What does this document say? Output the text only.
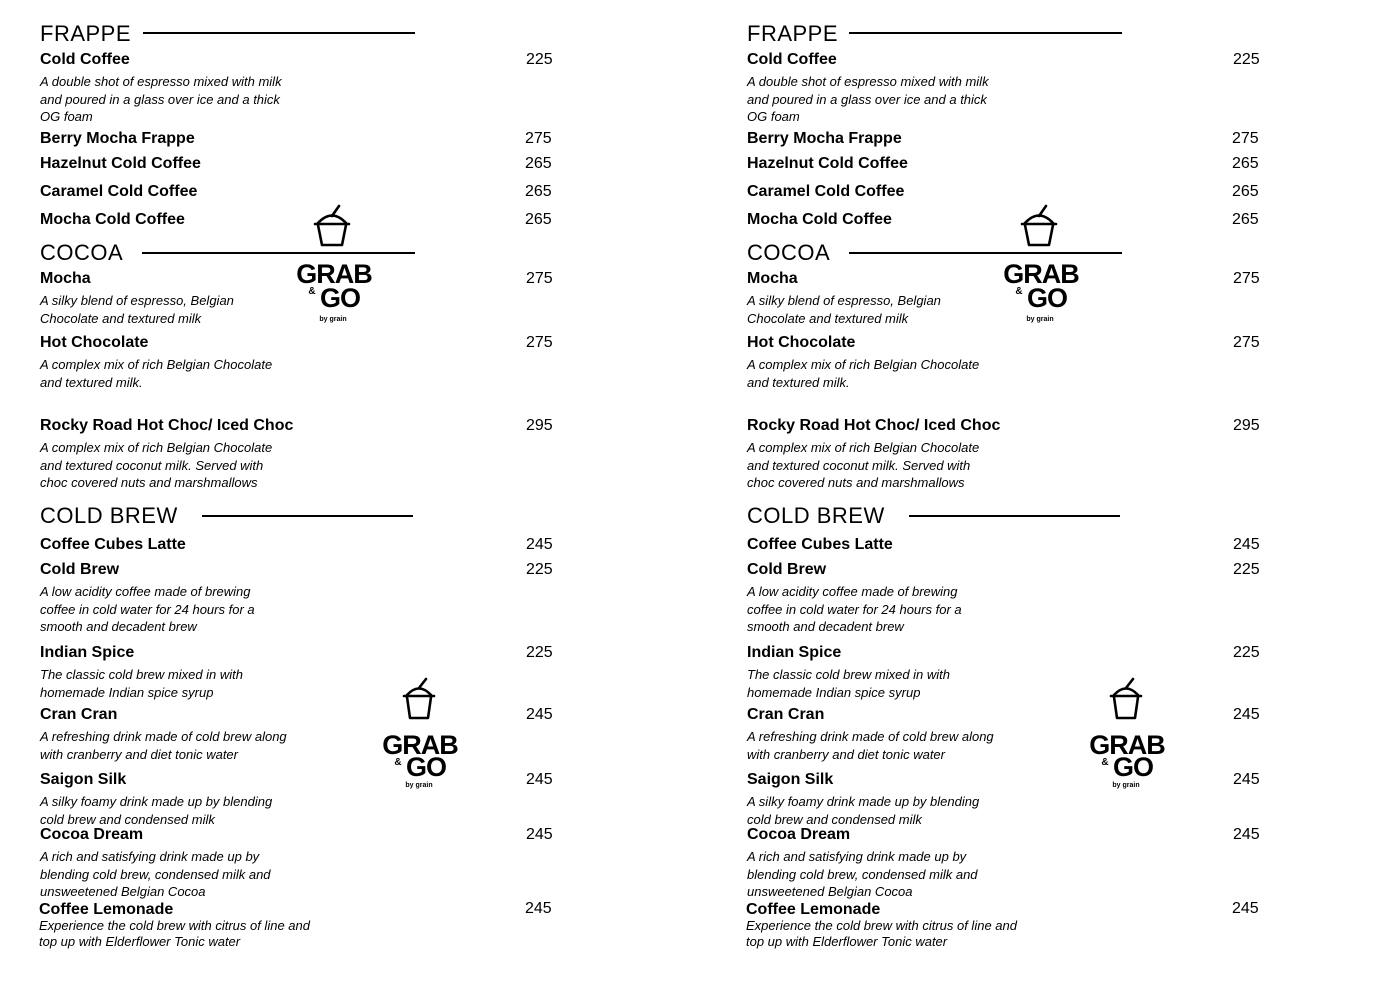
FRAPPE
Cold Coffee	225
A double shot of espresso mixed with milk and poured in a glass over ice and a thick OG foam
Berry Mocha Frappe	275
Hazelnut Cold Coffee	265
Caramel Cold Coffee	265
Mocha Cold Coffee	265
COCOA
Mocha	275
A silky blend of espresso, Belgian Chocolate and textured milk
Hot Chocolate	275
A complex mix of rich Belgian Chocolate and textured milk.
Rocky Road Hot Choc/ Iced Choc	295
A complex mix of rich Belgian Chocolate and textured coconut milk. Served with choc covered nuts and marshmallows
COLD BREW
Coffee Cubes Latte	245
Cold Brew	225
A low acidity coffee made of brewing coffee in cold water for 24 hours for a smooth and decadent brew
Indian Spice	225
The classic cold brew mixed in with homemade Indian spice syrup
Cran Cran	245
A refreshing drink made of cold brew along with cranberry and diet tonic water
Saigon Silk	245
A silky foamy drink made up by blending cold brew and condensed milk
Cocoa Dream	245
A rich and satisfying drink made up by blending cold brew, condensed milk and unsweetened Belgian Cocoa
Coffee Lemonade	245
Experience the cold brew with citrus of line and top up with Elderflower Tonic water
GRAB
& GO
by grain
GRAB
& GO
by grain
FRAPPE
Cold Coffee	225
A double shot of espresso mixed with milk and poured in a glass over ice and a thick OG foam
Berry Mocha Frappe	275
Hazelnut Cold Coffee	265
Caramel Cold Coffee	265
Mocha Cold Coffee	265
COCOA
Mocha	275
A silky blend of espresso, Belgian Chocolate and textured milk
Hot Chocolate	275
A complex mix of rich Belgian Chocolate and textured milk.
Rocky Road Hot Choc/ Iced Choc	295
A complex mix of rich Belgian Chocolate and textured coconut milk. Served with choc covered nuts and marshmallows
COLD BREW
Coffee Cubes Latte	245
Cold Brew	225
A low acidity coffee made of brewing coffee in cold water for 24 hours for a smooth and decadent brew
Indian Spice	225
The classic cold brew mixed in with homemade Indian spice syrup
Cran Cran	245
A refreshing drink made of cold brew along with cranberry and diet tonic water
Saigon Silk	245
A silky foamy drink made up by blending cold brew and condensed milk
Cocoa Dream	245
A rich and satisfying drink made up by blending cold brew, condensed milk and unsweetened Belgian Cocoa
Coffee Lemonade	245
Experience the cold brew with citrus of line and top up with Elderflower Tonic water
GRAB
& GO
by grain
GRAB
& GO
by grain
